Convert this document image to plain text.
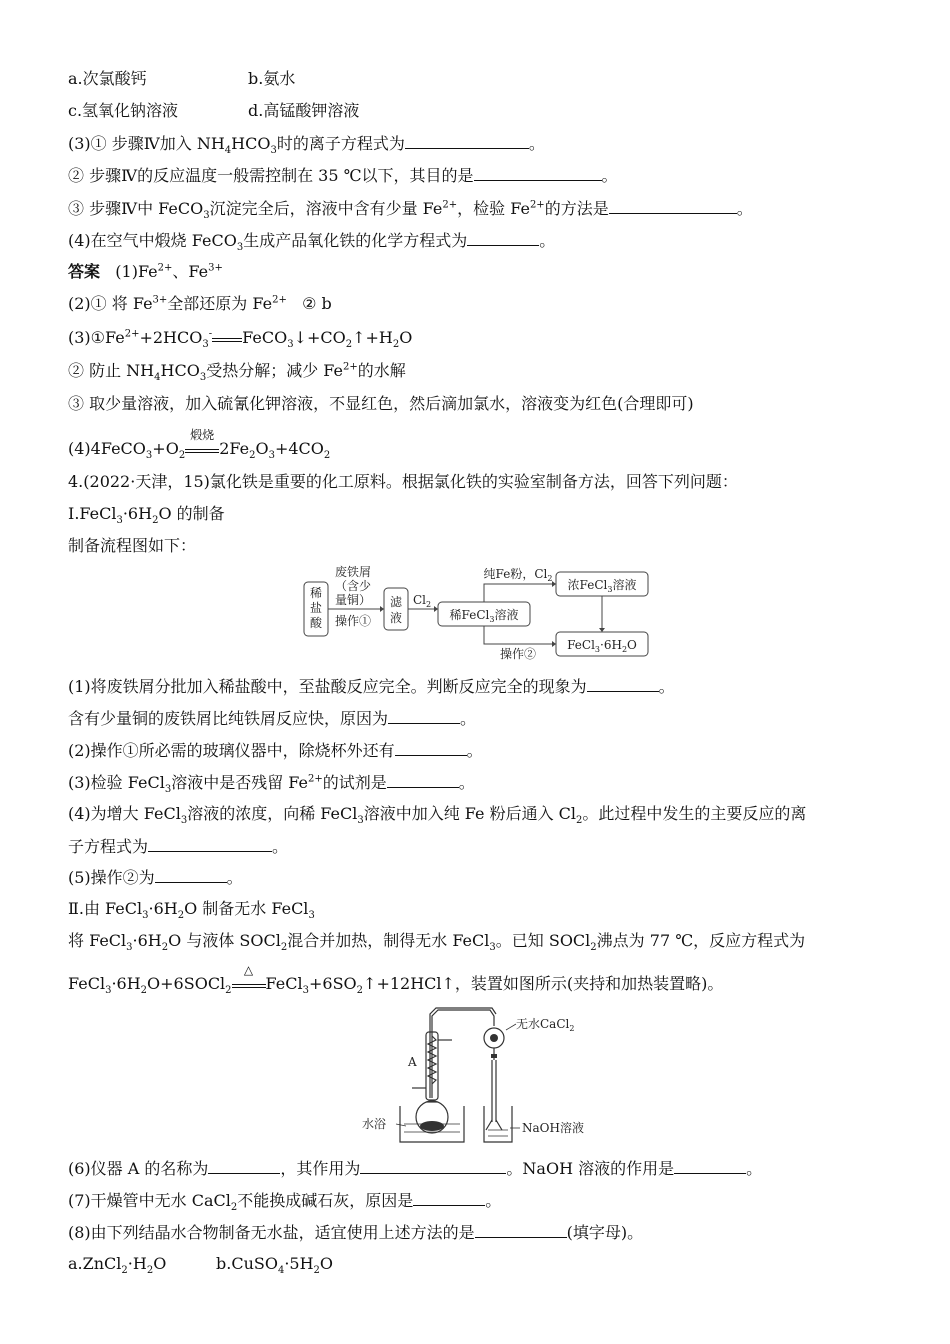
a.次氯酸钙	b.氨水
c.氢氧化钠溶液	d.高锰酸钾溶液
(3)① 步骤Ⅳ加入 $NH_4HCO_3$时的离子方程式为	。
② 步骤Ⅳ的反应温度一般需控制在 35 ℃以下，其目的是	。
③ 步骤Ⅳ中 FeCO$_3$沉淀完全后，溶液中含有少量 $Fe^{2+}$，检验 $Fe^{2+}$的方法是	。
(4)在空气中煅烧 FeCO$_3$生成产品氧化铁的化学方程式为	。
答案 $(1)Fe^{2+}$、$Fe^{3+}$
(2)① 将 $Fe^{3+}$全部还原为 $Fe^{2+}$ ② b
$(3)①Fe^{2+}+2HCO_3^-$ $FeCO_3↓+CO_2↑+H_2O$
② 防止 $NH_4HCO_3$受热分解；减少 $Fe^{2+}$的水解
③ 取少量溶液，加入硫氰化钾溶液，不显红色，然后滴加氯水，溶液变为红色(合理即可)
$(4)4FeCO_3+O_2$
煅烧
$2Fe_2O_3+4CO_2$
4.(2022·天津，15)氯化铁是重要的化工原料。根据氯化铁的实验室制备方法，回答下列问题：
$Ⅰ.FeCl_3\cdot 6H_2O$ 的制备
制备流程图如下：
稀
盐
酸
废铁屑
（含少
量铜）
操作①
滤
液
$Cl_2$
稀FeCl$_3$溶液
纯Fe粉，$Cl_2$ 浓FeCl$_3$溶液
$FeCl_3\cdot 6H_2O$
操作②
(1)将废铁屑分批加入稀盐酸中，至盐酸反应完全。判断反应完全的现象为	。
含有少量铜的废铁屑比纯铁屑反应快，原因为	。
(2)操作①所必需的玻璃仪器中，除烧杯外还有	。
(3)检验 FeCl$_3$溶液中是否残留 $Fe^{2+}$的试剂是	。
(4)为增大 FeCl$_3$溶液的浓度，向稀 FeCl$_3$溶液中加入纯 Fe 粉后通入 $Cl_2$。此过程中发生的主要反应的离
子方程式为	。
(5)操作②为	。
Ⅱ.由 $FeCl_3\cdot 6H_2O$ 制备无水 FeCl$_3$
将 $FeCl_3\cdot 6H_2O$ 与液体 SOCl$_2$混合并加热，制得无水 FeCl$_3$。已知 SOCl$_2$沸点为 77 ℃，反应方程式为
$FeCl_3\cdot 6H_2O+6SOCl_2$
△
$FeCl_3+6SO_2↑+12HCl↑$，装置如图所示(夹持和加热装置略)。
A
水浴
无水CaCl$_2$
NaOH溶液
(6)仪器 A 的名称为	，其作用为	。NaOH 溶液的作用是	。
(7)干燥管中无水 CaCl$_2$不能换成碱石灰，原因是	。
(8)由下列结晶水合物制备无水盐，适宜使用上述方法的是	(填字母)。
$a.ZnCl_2\cdot H_2O$	$b.CuSO_4\cdot 5H_2O$
